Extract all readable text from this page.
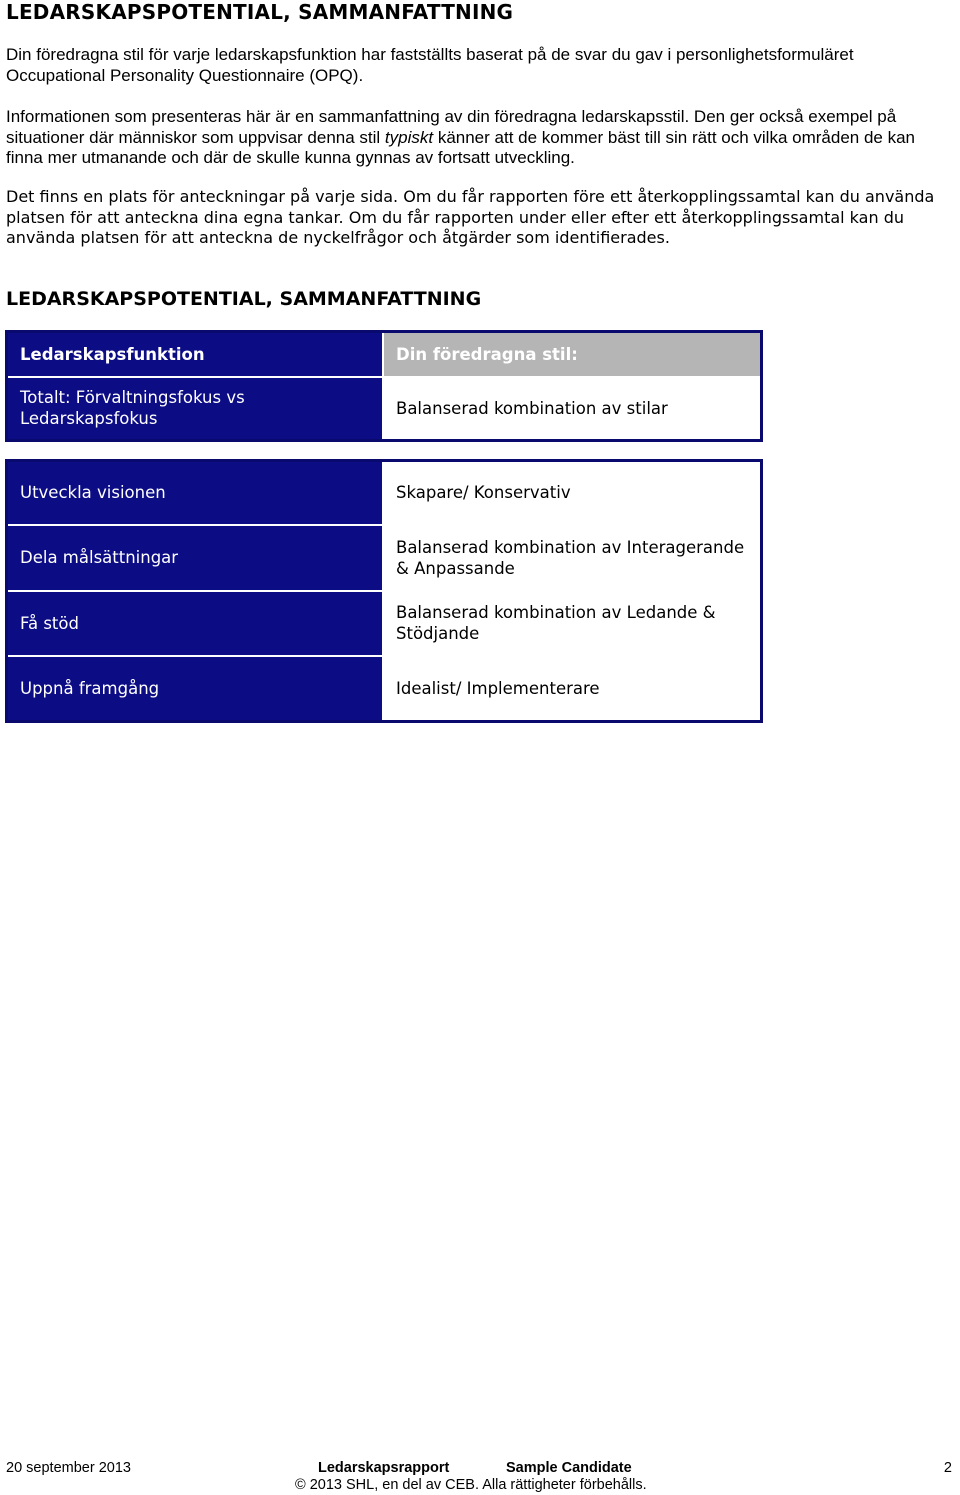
LEDARSKAPSPOTENTIAL, SAMMANFATTNING

Din föredragna stil för varje ledarskapsfunktion har fastställts baserat på de svar du gav i personlighetsformuläret Occupational Personality Questionnaire (OPQ).

Informationen som presenteras här är en sammanfattning av din föredragna ledarskapsstil. Den ger också exempel på situationer där människor som uppvisar denna stil typiskt känner att de kommer bäst till sin rätt och vilka områden de kan finna mer utmanande och där de skulle kunna gynnas av fortsatt utveckling.

Det finns en plats för anteckningar på varje sida. Om du får rapporten före ett återkopplingssamtal kan du använda platsen för att anteckna dina egna tankar. Om du får rapporten under eller efter ett återkopplingssamtal kan du använda platsen för att anteckna de nyckelfrågor och åtgärder som identifierades.

LEDARSKAPSPOTENTIAL, SAMMANFATTNING
Ledarskapsfunktion	Din föredragna stil:
Totalt: Förvaltningsfokus vs Ledarskapsfokus	Balanserad kombination av stilar
Utveckla visionen	Skapare/ Konservativ
Dela målsättningar	Balanserad kombination av Interagerande & Anpassande
Få stöd	Balanserad kombination av Ledande & Stödjande
Uppnå framgång	Idealist/ Implementerare
20 september 2013	Ledarskapsrapport	Sample Candidate	2
© 2013 SHL, en del av CEB. Alla rättigheter förbehålls.
